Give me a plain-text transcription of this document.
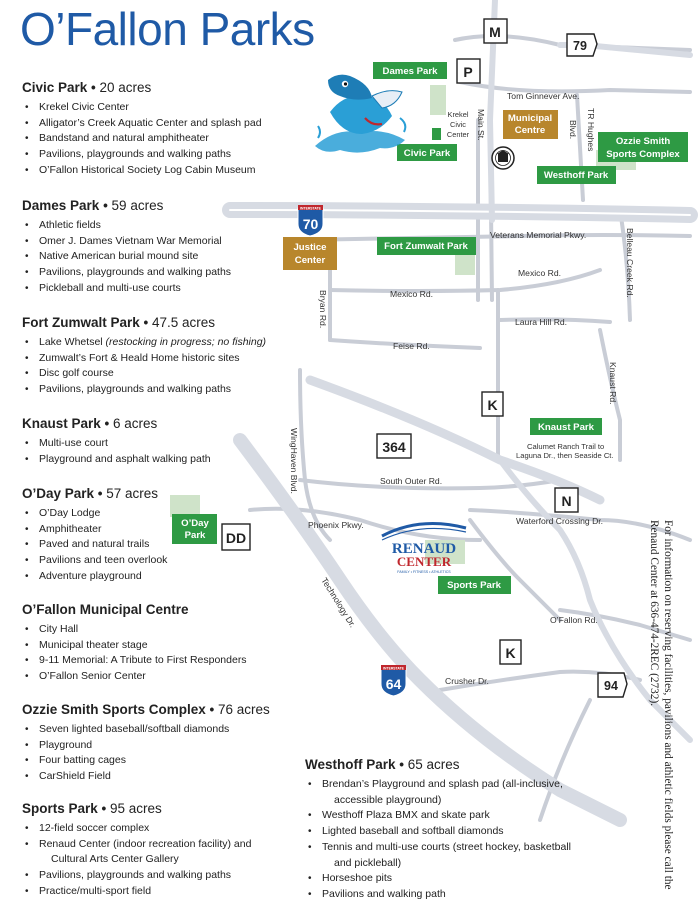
Tom Ginnever Ave.
Main St.	TR Hughes
Blvd.
Veterans Memorial Pkwy.	Belleau Creek Rd.
Mexico Rd.
Mexico Rd.
Bryan Rd.	Laura Hill Rd.
Feise Rd.
Knaust Rd.
Calumet Ranch Trail to
Laguna Dr., then Seaside Ct.
WingHaven Blvd.	South Outer Rd.
Waterford Crossing Dr.
Phoenix Pkwy.
Technology Dr.	O’Fallon Rd.
Crusher Dr.
Krekel
Civic
Center
Dames Park
Civic Park
Municipal
Centre
Ozzie Smith
Sports Complex
Westhoff Park
Justice
Center
Fort Zumwalt Park
Knaust Park
O’Day
Park
Sports Park
M
P
79
INTERSTATE
70
K
364
N
DD
K
INTERSTATE
64	94
RENAUD
CENTER
FAMILY • FITNESS • ATHLETICS
O’Fallon Parks
Civic Park • 20 acres
• Krekel Civic Center
• Alligator’s Creek Aquatic Center and splash pad
• Bandstand and natural amphitheater
• Pavilions, playgrounds and walking paths
• O’Fallon Historical Society Log Cabin Museum
Dames Park • 59 acres
• Athletic fields
• Omer J. Dames Vietnam War Memorial
• Native American burial mound site
• Pavilions, playgrounds and walking paths
• Pickleball and multi-use courts
Fort Zumwalt Park • 47.5 acres
• Lake Whetsel (restocking in progress; no fishing)
• Zumwalt’s Fort & Heald Home historic sites
• Disc golf course
• Pavilions, playgrounds and walking paths
Knaust Park • 6 acres
• Multi-use court
• Playground and asphalt walking path
O’Day Park • 57 acres
• O’Day Lodge
• Amphitheater
• Paved and natural trails
• Pavilions and teen overlook
• Adventure playground
O’Fallon Municipal Centre
• City Hall
• Municipal theater stage
• 9-11 Memorial: A Tribute to First Responders
• O’Fallon Senior Center
Ozzie Smith Sports Complex • 76 acres
• Seven lighted baseball/softball diamonds
• Playground
• Four batting cages
• CarShield Field
Sports Park • 95 acres
• 12-field soccer complex
• Renaud Center (indoor recreation facility) and
Cultural Arts Center Gallery
• Pavilions, playgrounds and walking paths
• Practice/multi-sport field
Westhoff Park • 65 acres
• Brendan’s Playground and splash pad (all-inclusive,
accessible playground)
• Westhoff Plaza BMX and skate park
• Lighted baseball and softball diamonds
• Tennis and multi-use courts (street hockey, basketball
and pickleball)
• Horseshoe pits
• Pavilions and walking path
For information on reserving facilities, pavilions and athletic fields please call the Renaud Center at 636-474-2REC (2732).
